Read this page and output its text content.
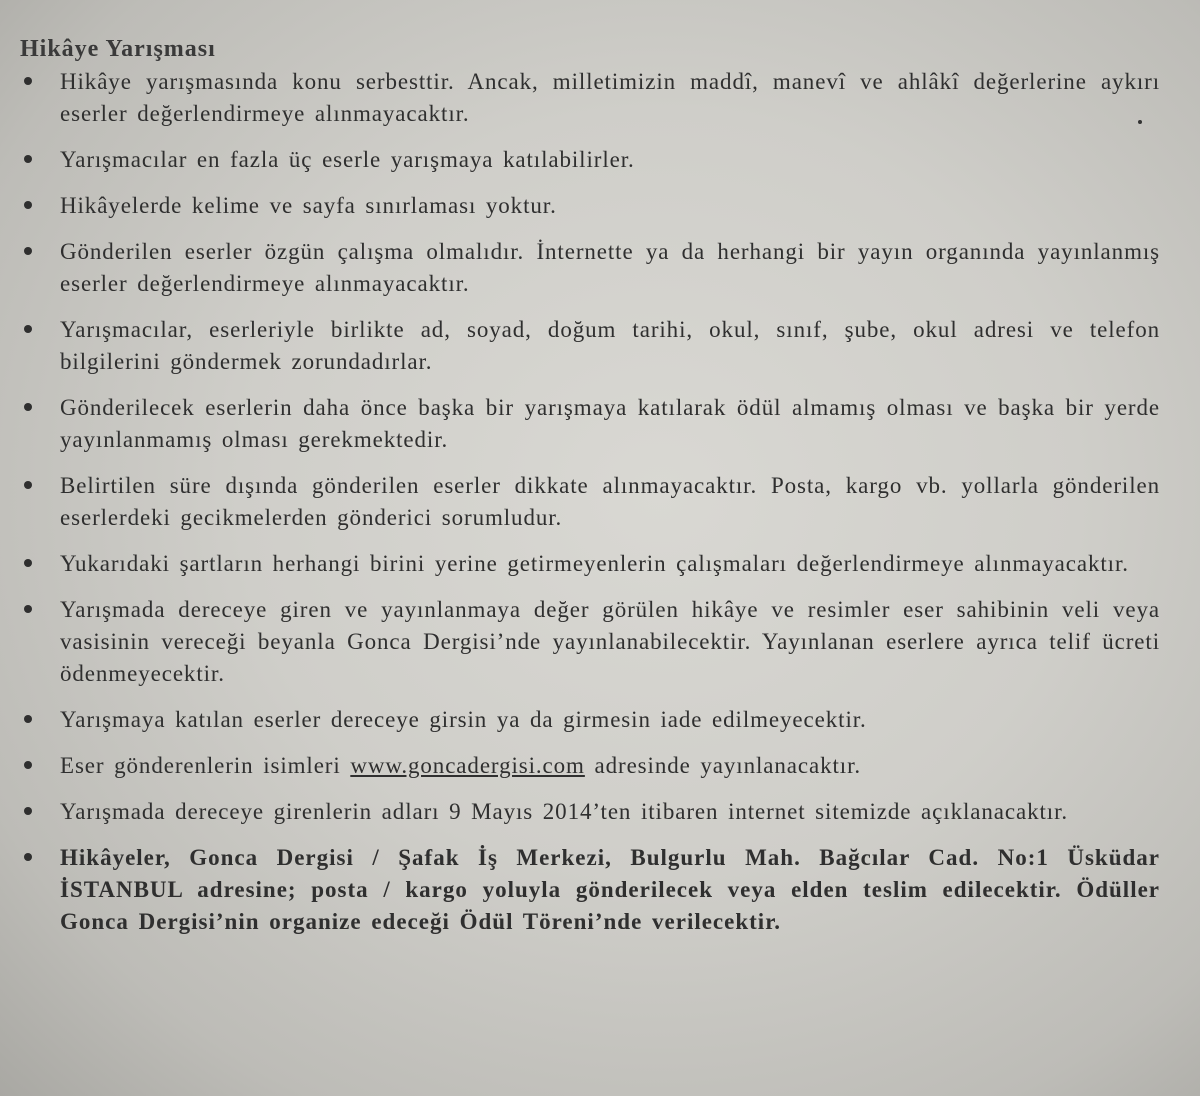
Hikâye Yarışması
Hikâye yarışmasında konu serbesttir. Ancak, milletimizin maddî, manevî ve ahlâkî değerlerine aykırı eserler değerlendirmeye alınmayacaktır.
Yarışmacılar en fazla üç eserle yarışmaya katılabilirler.
Hikâyelerde kelime ve sayfa sınırlaması yoktur.
Gönderilen eserler özgün çalışma olmalıdır. İnternette ya da herhangi bir yayın organında yayınlanmış eserler değerlendirmeye alınmayacaktır.
Yarışmacılar, eserleriyle birlikte ad, soyad, doğum tarihi, okul, sınıf, şube, okul adresi ve telefon bilgilerini göndermek zorundadırlar.
Gönderilecek eserlerin daha önce başka bir yarışmaya katılarak ödül almamış olması ve başka bir yerde yayınlanmamış olması gerekmektedir.
Belirtilen süre dışında gönderilen eserler dikkate alınmayacaktır. Posta, kargo vb. yollarla gönderilen eserlerdeki gecikmelerden gönderici sorumludur.
Yukarıdaki şartların herhangi birini yerine getirmeyenlerin çalışmaları değerlendirmeye alınmayacaktır.
Yarışmada dereceye giren ve yayınlanmaya değer görülen hikâye ve resimler eser sahibinin veli veya vasisinin vereceği beyanla Gonca Dergisi’nde yayınlanabilecektir. Yayınlanan eserlere ayrıca telif ücreti ödenmeyecektir.
Yarışmaya katılan eserler dereceye girsin ya da girmesin iade edilmeyecektir.
Eser gönderenlerin isimleri www.goncadergisi.com adresinde yayınlanacaktır.
Yarışmada dereceye girenlerin adları 9 Mayıs 2014’ten itibaren internet sitemizde açıklanacaktır.
Hikâyeler, Gonca Dergisi / Şafak İş Merkezi, Bulgurlu Mah. Bağcılar Cad. No:1 Üsküdar İSTANBUL adresine; posta / kargo yoluyla gönderilecek veya elden teslim edilecektir. Ödüller Gonca Dergisi’nin organize edeceği Ödül Töreni’nde verilecektir.
